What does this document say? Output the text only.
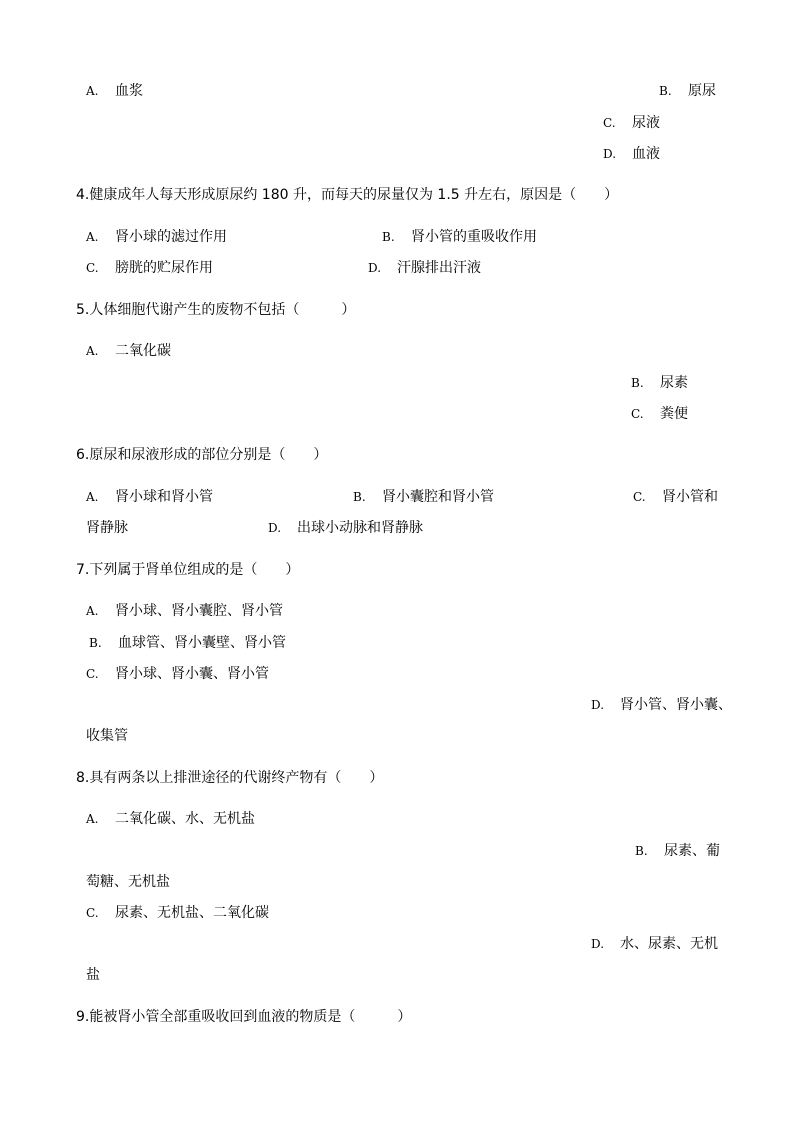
A. 血浆	B. 原尿
C. 尿液
D. 血液
4.健康成年人每天形成原尿约 180 升，而每天的尿量仅为 1.5 升左右，原因是（　　）
A. 肾小球的滤过作用	B. 肾小管的重吸收作用
C. 膀胱的贮尿作用	D. 汗腺排出汗液
5.人体细胞代谢产生的废物不包括（　　　）
A. 二氧化碳
B. 尿素
C. 粪便
6.原尿和尿液形成的部位分别是（　　）
A. 肾小球和肾小管	B. 肾小囊腔和肾小管	C. 肾小管和
肾静脉	D. 出球小动脉和肾静脉
7.下列属于肾单位组成的是（　　）
A. 肾小球、肾小囊腔、肾小管
B. 血球管、肾小囊壁、肾小管
C. 肾小球、肾小囊、肾小管
D. 肾小管、肾小囊、
收集管
8.具有两条以上排泄途径的代谢终产物有（　　）
A. 二氧化碳、水、无机盐
B. 尿素、葡
萄糖、无机盐
C. 尿素、无机盐、二氧化碳
D. 水、尿素、无机
盐
9.能被肾小管全部重吸收回到血液的物质是（　　　）
